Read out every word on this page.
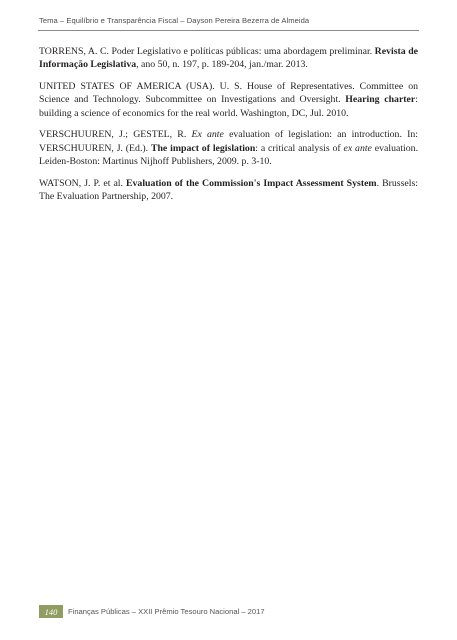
Tema – Equilíbrio e Transparência Fiscal – Dayson Pereira Bezerra de Almeida

TORRENS, A. C. Poder Legislativo e políticas públicas: uma abordagem preliminar. Revista de Informação Legislativa, ano 50, n. 197, p. 189-204, jan./mar. 2013.

UNITED STATES OF AMERICA (USA). U. S. House of Representatives. Committee on Science and Technology. Subcommittee on Investigations and Oversight. Hearing charter: building a science of economics for the real world. Washington, DC, Jul. 2010.

VERSCHUUREN, J.; GESTEL, R. Ex ante evaluation of legislation: an introduction. In: VERSCHUUREN, J. (Ed.). The impact of legislation: a critical analysis of ex ante evaluation. Leiden-Boston: Martinus Nijhoff Publishers, 2009. p. 3-10.

WATSON, J. P. et al. Evaluation of the Commission's Impact Assessment System. Brussels: The Evaluation Partnership, 2007.

140	Finanças Públicas – XXII Prêmio Tesouro Nacional – 2017
